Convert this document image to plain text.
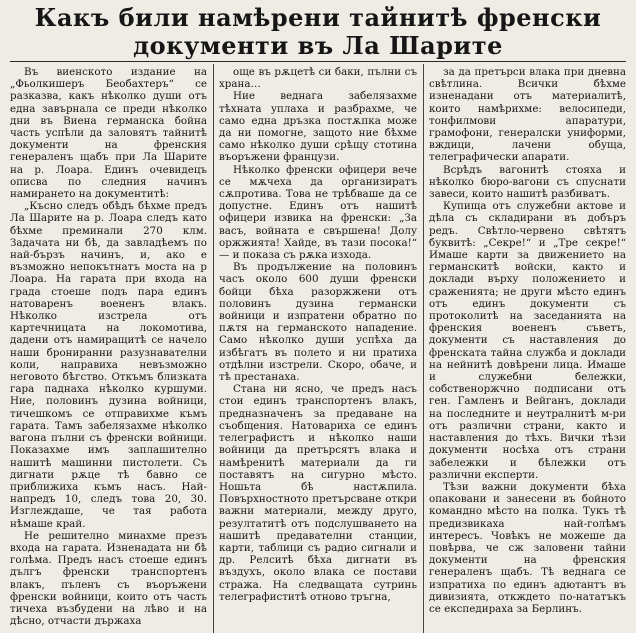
Какъ били намѣрени тайнитѣ френски
документи въ Ла Шарите

Въ виенското издание на „Фьолкишеръ Беобахтеръ“ се разказва, какъ нѣколко души отъ една завърнала се преди нѣколко дни въ Виена германска бойна часть успѣли да заловятъ тайнитѣ документи на френския генераленъ щабъ при Ла Шарите на р. Лоара. Единъ очевидецъ описва по следния начинъ намирането на документитѣ:

„Късно следъ обѣдъ бѣхме предъ Ла Шарите на р. Лоара следъ като бѣхме преминали 270 клм. Задачата ни бѣ, да завладѣемъ по най-бързъ начинъ, и, ако е възможно непокътнатъ моста на р Лоара. На гарата при входа на града стоеше подъ пара единъ натоваренъ воененъ влакъ. Нѣколко изстрела отъ картечницата на локомотива, дадени отъ намиращитѣ се начело наши брониранни разузнавателни коли, направиха невъзможно неговото бѣгство. Откъмъ близката гара паднаха нѣколко куршуми. Ние, половинъ дузина войници, тичешкомъ се отправихме къмъ гарата. Тамъ забелязахме нѣколко вагона пълни съ френски войници. Показахме имъ заплашително нашитѣ машинни пистолети. Съ дигнати рѫце тѣ бавно се приближиха къмъ насъ. Най-напредъ 10, следъ това 20, 30. Изглеждаше, че тая работа нѣмаше край.

Не решително минахме презъ входа на гарата. Изненадата ни бѣ голѣма. Предъ насъ стоеше единъ дългъ френски транспортенъ влакъ, пъленъ съ въоръжени френски войници, които отъ часть тичеха възбудени на лѣво и на дѣсно, отчасти държаха

още въ рѫцетѣ си баки, пълни съ храна…

Ние веднага забелязахме тѣхната уплаха и разбрахме, че само една дръзка постѫпка може да ни помогне, защото ние бѣхме само нѣколко души срѣщу стотина въоръжени французи.

Нѣколко френски офицери вече се мѫчеха да организиратъ сѫпротива. Това не трѣбваше да се допустне. Единъ отъ нашитѣ офицери извика на френски: „За васъ, войната е свършена! Долу оржжията! Хайде, въ тази посока!“ — и показа съ рѫка изхода.

Въ продължение на половинъ часъ около 600 души френски бойци бѣха разоржжени отъ половинъ дузина германски войници и изпратени обратно по пѫтя на германското нападение. Само нѣколко души успѣха да избѣгатъ въ полето и ни пратиха отдѣлни изстрели. Скоро, обаче, и тѣ престанаха.

Стана ни ясно, че предъ насъ стои единъ транспортенъ влакъ, предназначенъ за предаване на съобщения. Натовариха се единъ телеграфистъ и нѣколко наши войници да претърсятъ влака и намѣренитѣ материали да ги поставятъ на сигурно мѣсто. Ношьта бѣ настѫпила. Повърхностното претърсване откри важни материали, между друго, резултатитѣ отъ подслушването на нашитѣ предавателни станции, карти, таблици съ радио сигнали и др. Релситѣ бѣха дигнати въ въздухъ, около влака се постави стража. На следващата сутринь телеграфиститѣ отново тръгна,

за да претърси влака при дневна свѣтлина. Всички бѣхме изненадани отъ материалитѣ, които намѣрихме: велосипеди, тонфилмови апаратури, грамофони, генералски униформи, вждици, лачени обуща, телеграфически апарати.

Всрѣдъ вагонитѣ стояха и нѣколко бюро-вагони съ спуснати завеси, които нашитѣ разбиватъ.

Купища отъ служебни актове и дѣла съ складирани въ добъръ редъ. Свѣтло-червено свѣтятъ буквитѣ: „Секре!“ и „Тре секре!“ Имаше карти за движението на германскитѣ войски, както и доклади върху положението и сраженията; не други мѣсто единъ отъ единъ документи съ протоколитѣ на заседанията на френския воененъ съветъ, документи съ наставления до френската тайна служба и доклади на нейнитѣ довѣрени лица. Имаше и служебни бележки, собственоржчно подписани отъ ген. Гамленъ и Вейганъ, доклади на последните и неутралнитѣ м-ри отъ различни страни, както и наставления до тѣхъ. Вички тѣзи документи носѣха отъ страни забележки и бѣлежки отъ различни експерти.

Тѣзи важни документи бѣха опаковани и занесени въ бойното командно мѣсто на полка. Тукъ тѣ предизвикаха най-голѣмъ интересъ. Човѣкъ не можеше да повѣрва, че сж заловени тайни документи на френския генераленъ щабъ. Тѣ веднага се изпратиха по единъ адютантъ въ дивизията, откждето по-нататъкъ се експедираха за Берлинъ.
